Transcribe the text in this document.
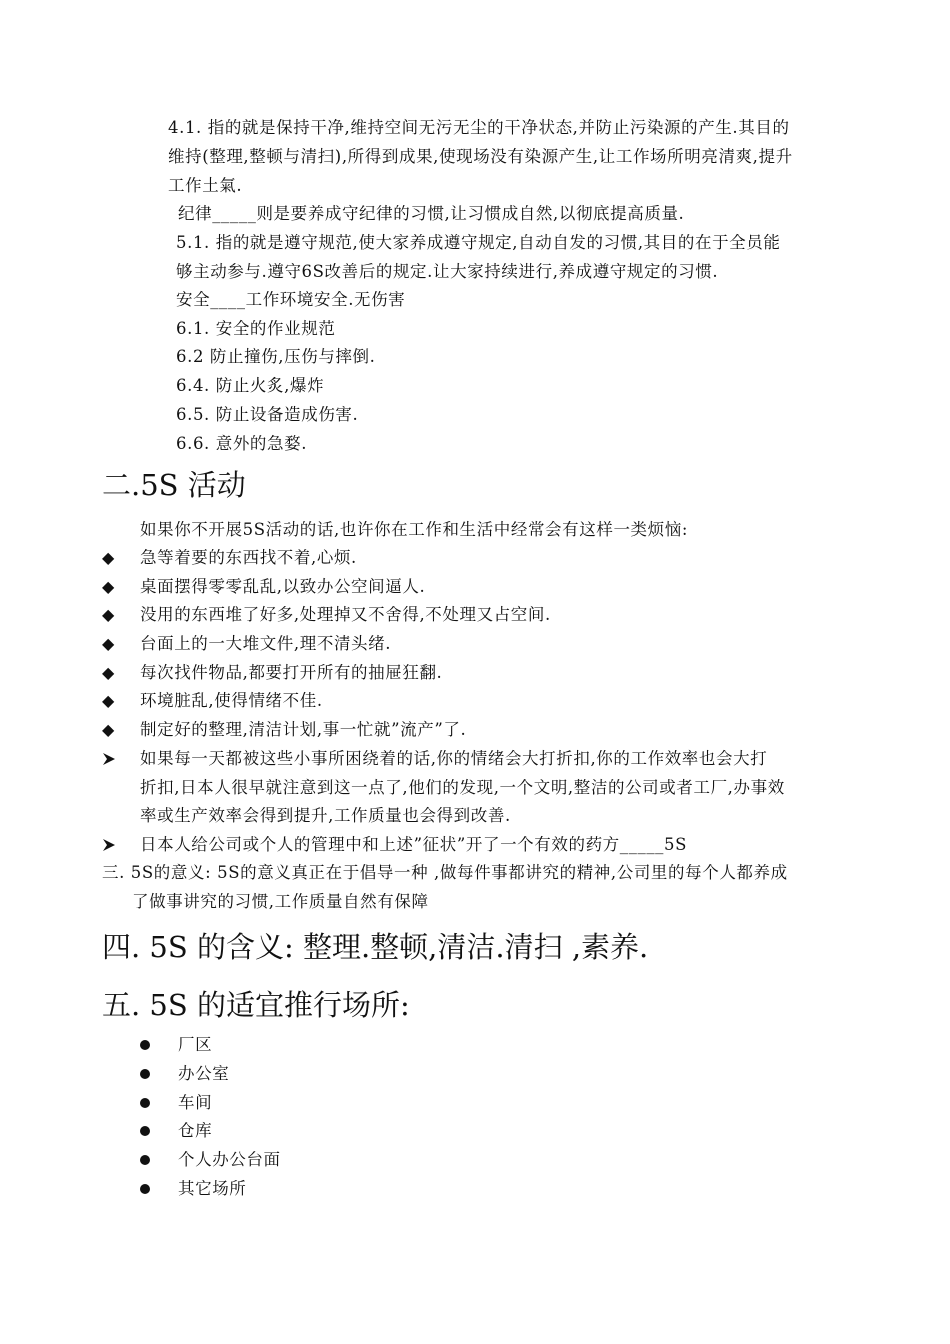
4.1. 指的就是保持干净,维持空间无污无尘的干净状态,并防止污染源的产生.其目的
维持(整理,整顿与清扫),所得到成果,使现场没有染源产生,让工作场所明亮清爽,提升
工作土氣.
纪律_____则是要养成守纪律的习惯,让习惯成自然,以彻底提高质量.
5.1. 指的就是遵守规范,使大家养成遵守规定,自动自发的习惯,其目的在于全员能
够主动参与.遵守6S改善后的规定.让大家持续进行,养成遵守规定的习惯.
安全____工作环境安全.无伤害
6.1. 安全的作业规范
6.2 防止撞伤,压伤与摔倒.
6.4. 防止火炙,爆炸
6.5. 防止设备造成伤害.
6.6. 意外的急婺.
二.5S 活动
如果你不开展5S活动的话,也许你在工作和生活中经常会有这样一类烦恼:
◆ 急等着要的东西找不着,心烦.
◆ 桌面摆得零零乱乱,以致办公空间逼人.
◆ 没用的东西堆了好多,处理掉又不舍得,不处理又占空间.
◆ 台面上的一大堆文件,理不清头绪.
◆ 每次找件物品,都要打开所有的抽屉狂翻.
◆ 环境脏乱,使得情绪不佳.
◆ 制定好的整理,清洁计划,事一忙就”流产”了.
如果每一天都被这些小事所困绕着的话,你的情绪会大打折扣,你的工作效率也会大打
折扣,日本人很早就注意到这一点了,他们的发现,一个文明,整洁的公司或者工厂,办事效
率或生产效率会得到提升,工作质量也会得到改善.
日本人给公司或个人的管理中和上述”征状”开了一个有效的药方_____5S
三. 5S的意义: 5S的意义真正在于倡导一种 ,做每件事都讲究的精神,公司里的每个人都养成
了做事讲究的习惯,工作质量自然有保障
四. 5S 的含义: 整理.整顿,清洁.清扫 ,素养.
五. 5S 的适宜推行场所:
厂区
办公室
车间
仓库
个人办公台面
其它场所
